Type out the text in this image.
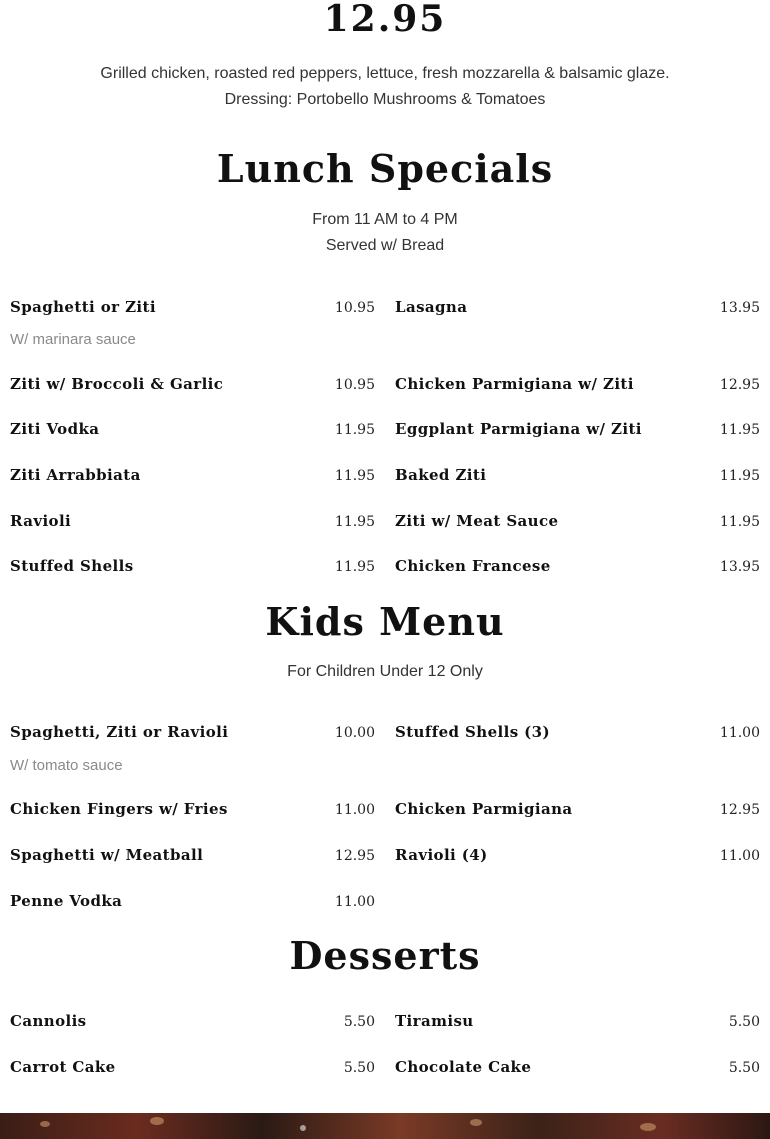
12.95

Grilled chicken, roasted red peppers, lettuce, fresh mozzarella & balsamic glaze.

Dressing: Portobello Mushrooms & Tomatoes

Lunch Specials

From 11 AM to 4 PM

Served w/ Bread

Spaghetti or Ziti	10.95

W/ marinara sauce

Ziti w/ Broccoli & Garlic	10.95
Ziti Vodka	11.95
Ziti Arrabbiata	11.95
Ravioli	11.95
Stuffed Shells	11.95
Lasagna	13.95
Chicken Parmigiana w/ Ziti	12.95
Eggplant Parmigiana w/ Ziti	11.95
Baked Ziti	11.95
Ziti w/ Meat Sauce	11.95
Chicken Francese	13.95
Kids Menu

For Children Under 12 Only

Spaghetti, Ziti or Ravioli	10.00

W/ tomato sauce

Chicken Fingers w/ Fries	11.00
Spaghetti w/ Meatball	12.95
Penne Vodka	11.00
Stuffed Shells (3)	11.00
Chicken Parmigiana	12.95
Ravioli (4)	11.00
Desserts
Cannolis	5.50
Carrot Cake	5.50
Tiramisu	5.50
Chocolate Cake	5.50
